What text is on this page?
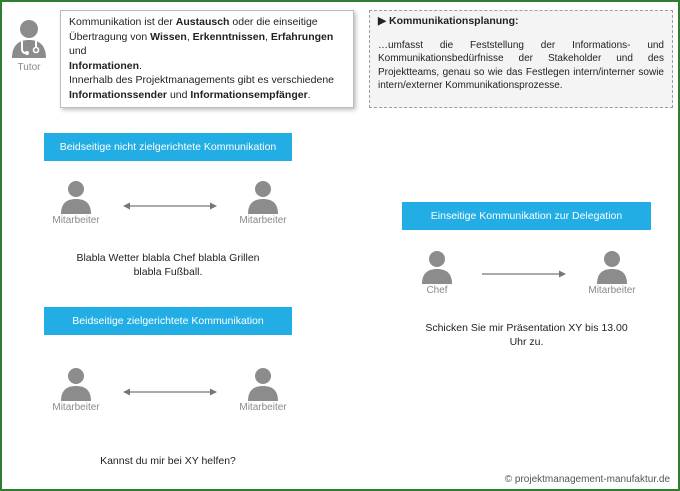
Tutor
Kommunikation ist der Austausch oder die einseitige
Übertragung von Wissen, Erkenntnissen, Erfahrungen und
Informationen.
Innerhalb des Projektmanagements gibt es verschiedene
Informationssender und Informationsempfänger.
▶ Kommunikationsplanung:
…umfasst die Feststellung der Informations- und Kommunikationsbedürfnisse der Stakeholder und des Projektteams, genau so wie das Festlegen intern/interner sowie intern/externer Kommunikationsprozesse.
Beidseitige nicht zielgerichtete Kommunikation
Mitarbeiter	Mitarbeiter
Blabla Wetter blabla Chef blabla Grillen
blabla Fußball.
Beidseitige zielgerichtete Kommunikation
Mitarbeiter	Mitarbeiter
Kannst du mir bei XY helfen?
Einseitige Kommunikation zur Delegation
Chef	Mitarbeiter
Schicken Sie mir Präsentation XY bis 13.00
Uhr zu.
© projektmanagement-manufaktur.de
